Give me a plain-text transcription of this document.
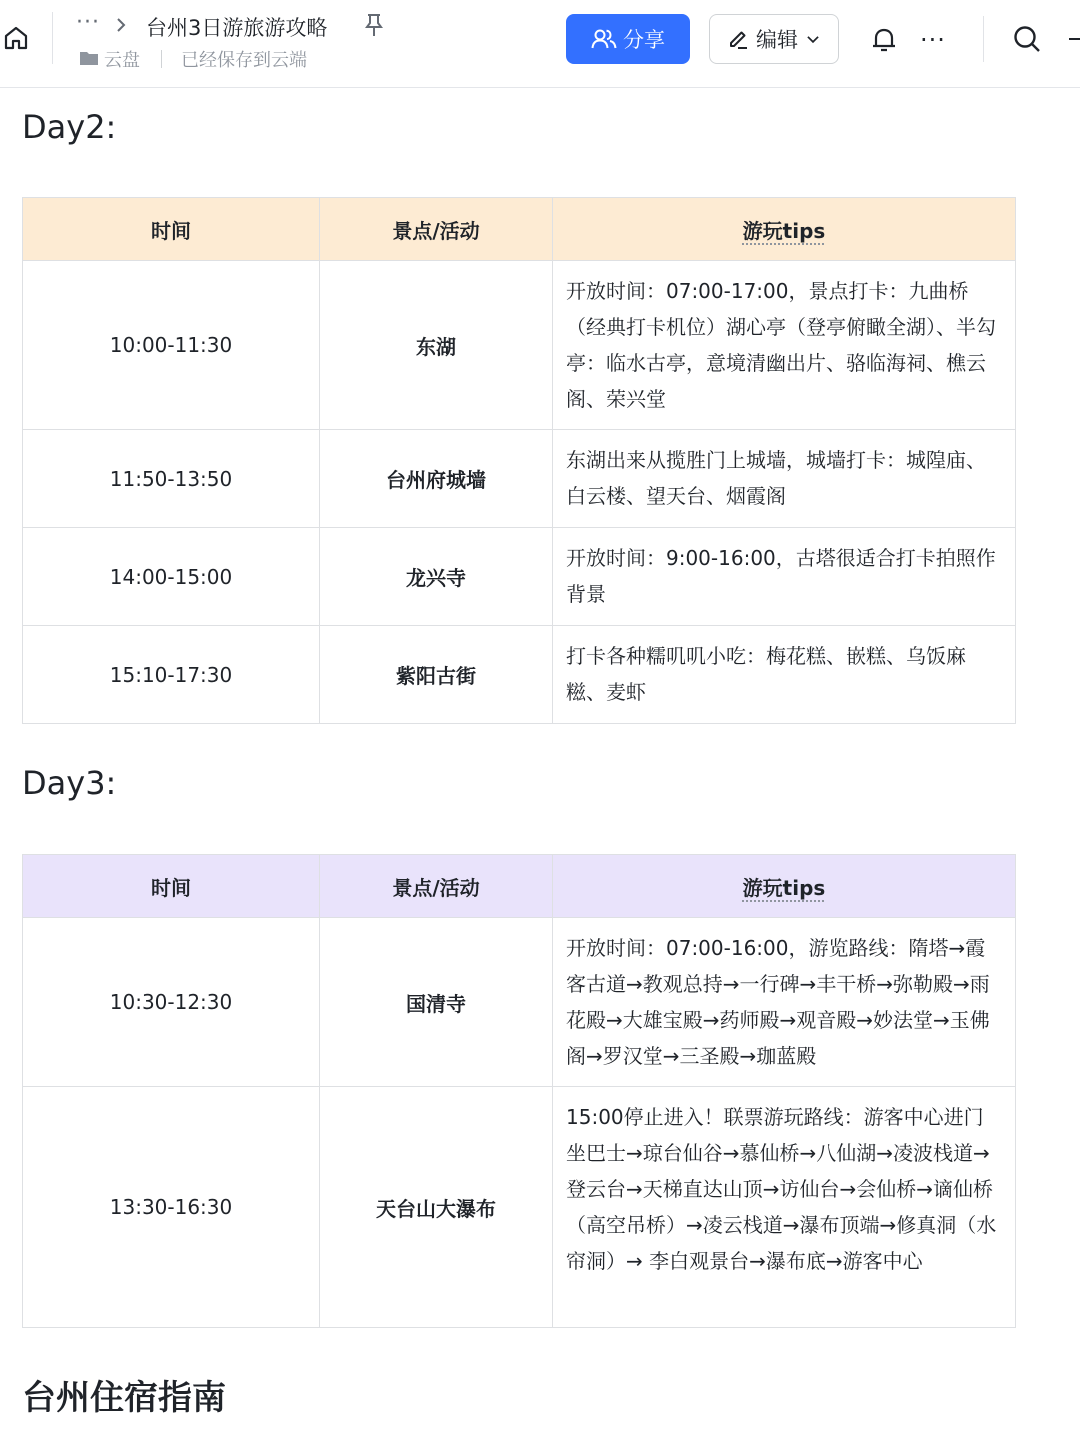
··· 台州3日游旅游攻略
云盘 已经保存到云端
分享	编辑	···
Day2:
时间	景点/活动	游玩tips
10:00-11:30	东湖	开放时间：07:00-17:00，景点打卡：九曲桥（经典打卡机位）湖心亭（登亭俯瞰全湖）、半勾亭：临水古亭，意境清幽出片、骆临海祠、樵云阁、荣兴堂
11:50-13:50	台州府城墙	东湖出来从揽胜门上城墙，城墙打卡：城隍庙、白云楼、望天台、烟霞阁
14:00-15:00	龙兴寺	开放时间：9:00-16:00，古塔很适合打卡拍照作背景
15:10-17:30	紫阳古街	打卡各种糯叽叽小吃：梅花糕、嵌糕、乌饭麻糍、麦虾
Day3:
时间	景点/活动	游玩tips
10:30-12:30	国清寺	开放时间：07:00-16:00，游览路线：隋塔→霞客古道→教观总持→一行碑→丰干桥→弥勒殿→雨花殿→大雄宝殿→药师殿→观音殿→妙法堂→玉佛阁→罗汉堂→三圣殿→珈蓝殿
13:30-16:30	天台山大瀑布	15:00停止进入！联票游玩路线：游客中心进门坐巴士→琼台仙谷→慕仙桥→八仙湖→凌波栈道→登云台→天梯直达山顶→访仙台→会仙桥→谪仙桥（高空吊桥）→凌云栈道→瀑布顶端→修真洞（水帘洞）→ 李白观景台→瀑布底→游客中心
台州住宿指南
